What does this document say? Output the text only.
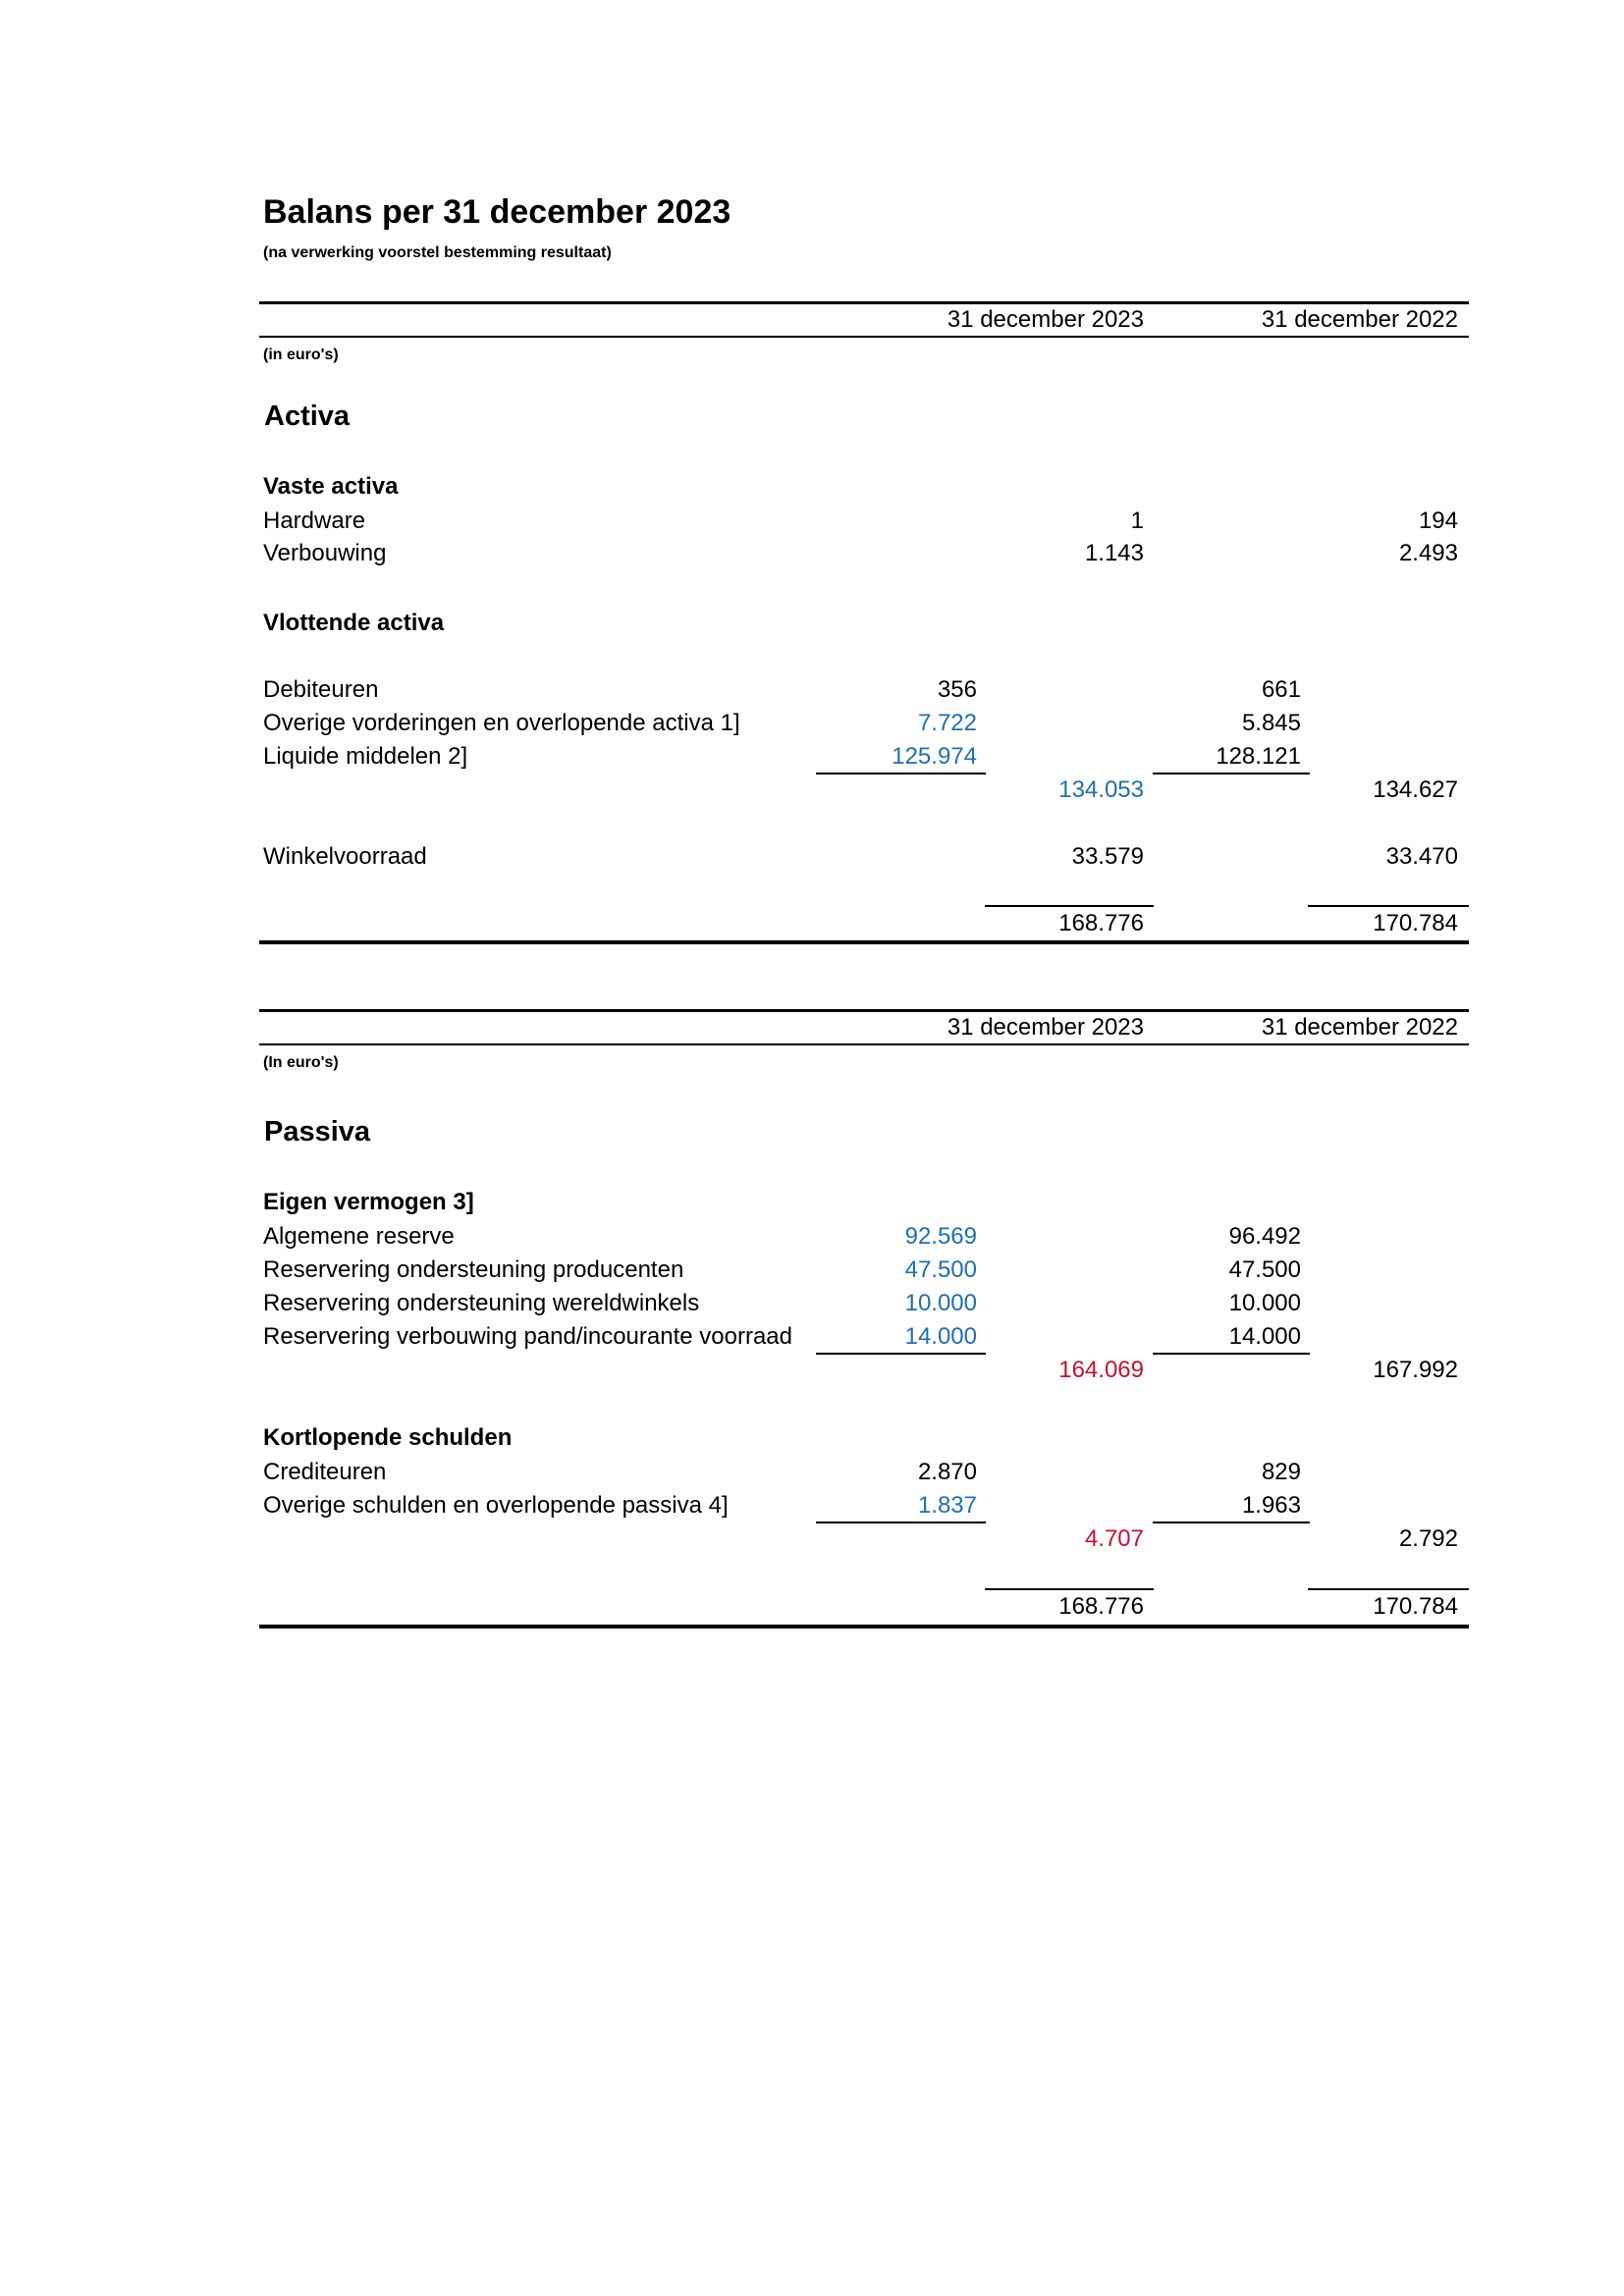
Balans per 31 december 2023
(na verwerking voorstel bestemming resultaat)
31 december 2023	31 december 2022
(in euro's)
Activa
Vaste activa
Hardware	1	194
Verbouwing	1.143	2.493
Vlottende activa
Debiteuren	356	661
Overige vorderingen en overlopende activa 1]	7.722	5.845
Liquide middelen 2]	125.974	128.121
134.053	134.627
Winkelvoorraad	33.579	33.470
168.776	170.784
31 december 2023	31 december 2022
(In euro's)
Passiva
Eigen vermogen 3]
Algemene reserve	92.569	96.492
Reservering ondersteuning producenten	47.500	47.500
Reservering ondersteuning wereldwinkels	10.000	10.000
Reservering verbouwing pand/incourante voorraad	14.000	14.000
164.069	167.992
Kortlopende schulden
Crediteuren	2.870	829
Overige schulden en overlopende passiva 4]	1.837	1.963
4.707	2.792
168.776	170.784
